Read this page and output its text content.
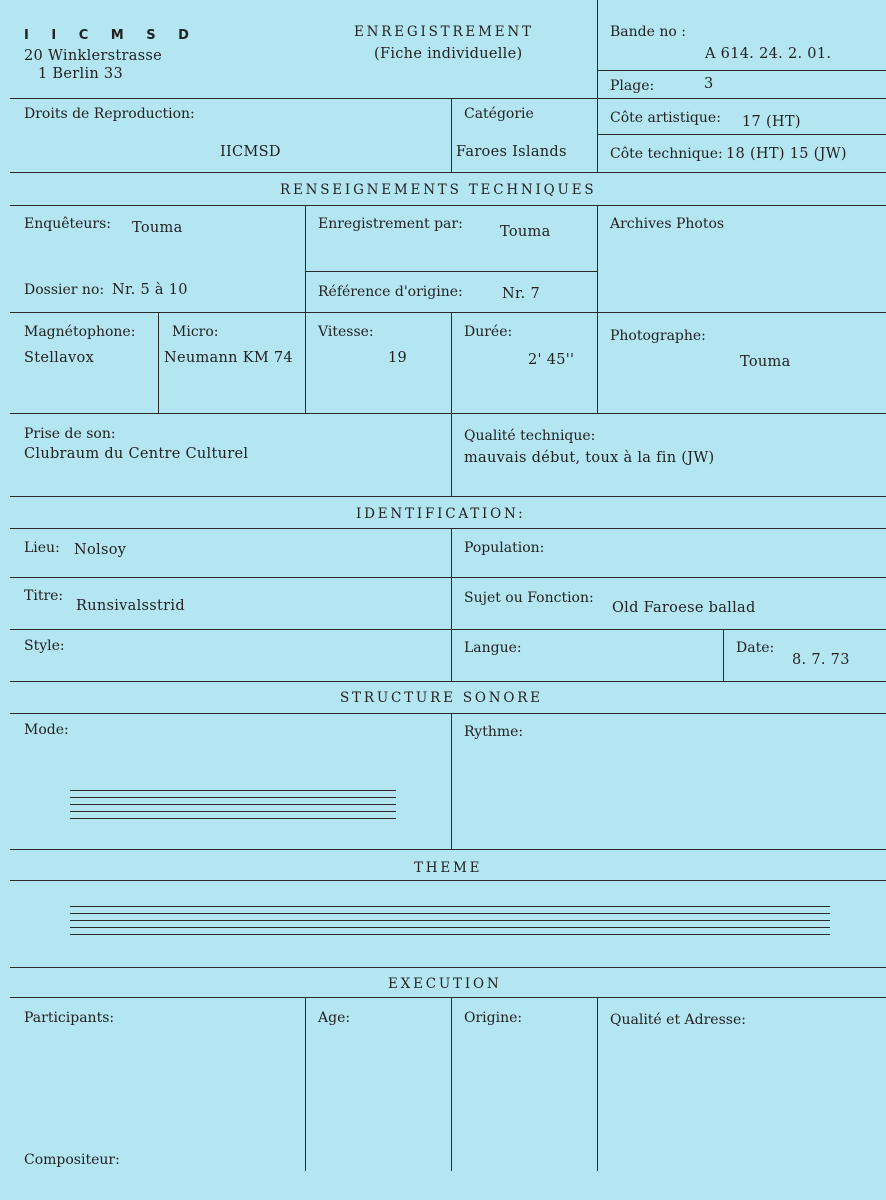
I I C M S D
20 Winklerstrasse
1 Berlin 33
ENREGISTREMENT
(Fiche individuelle)
Bande no :
A 614. 24. 2. 01.
Plage:	3
Droits de Reproduction:
IICMSD
Catégorie
Faroes Islands
Côte artistique: 17 (HT)
Côte technique: 18 (HT) 15 (JW)
RENSEIGNEMENTS TECHNIQUES
Enquêteurs: Touma	Enregistrement par:	Touma	Archives Photos
Dossier no: Nr. 5 à 10	Référence d'origine:	Nr. 7
Magnétophone:
Stellavox
Micro:
Neumann KM 74
Vitesse:
19
Durée:
2' 45''
Photographe:
Touma
Prise de son:
Clubraum du Centre Culturel
Qualité technique:
mauvais début, toux à la fin (JW)
IDENTIFICATION:
Lieu: Nolsoy	Population:
Titre:
Runsivalsstrid	Sujet ou Fonction:
Old Faroese ballad
Style:	Langue:	Date:
8. 7. 73
STRUCTURE SONORE
Mode:	Rythme:
THEME
EXECUTION
Participants:	Age:	Origine:	Qualité et Adresse:
Compositeur:
